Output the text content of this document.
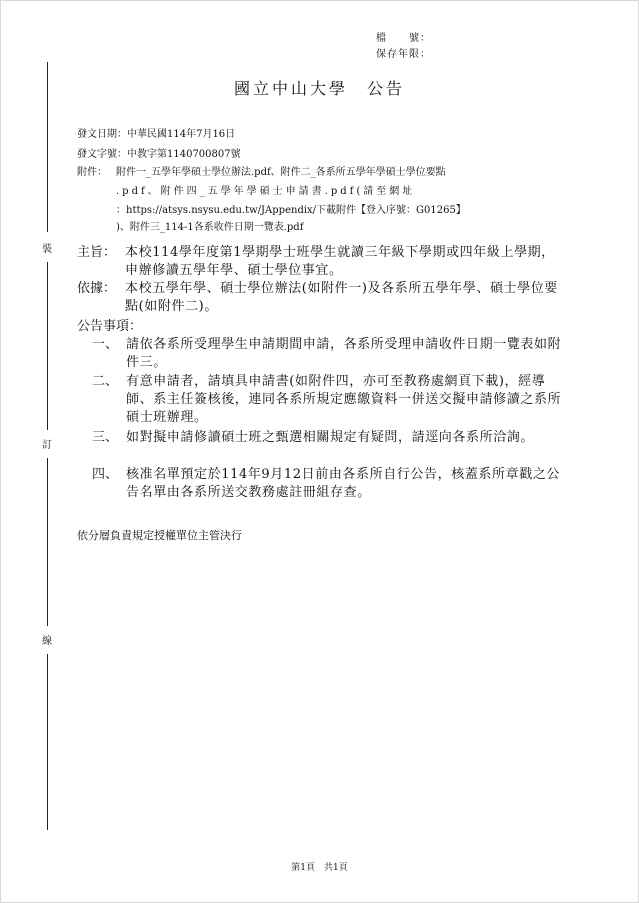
檔　　號：
保存年限：
裝
訂
線
國立中山大學　公告
發文日期：中華民國114年7月16日
發文字號：中教字第1140700807號
附件： 附件一_五學年學碩士學位辦法.pdf、附件二_各系所五學年學碩士學位要點
.pdf、附件四_五學年學碩士申請書.pdf(請至網址
：https://atsys.nsysu.edu.tw/JAppendix/下載附件【登入序號：G01265】
)、附件三_114-1各系收件日期一覽表.pdf
主旨： 本校114學年度第1學期學士班學生就讀三年級下學期或四年級上學期，申辦修讀五學年學、碩士學位事宜。
依據： 本校五學年學、碩士學位辦法(如附件一)及各系所五學年學、碩士學位要點(如附件二)。
公告事項：
一、 請依各系所受理學生申請期間申請，各系所受理申請收件日期一覽表如附件三。
二、 有意申請者，請填具申請書(如附件四，亦可至教務處網頁下載)，經導師、系主任簽核後，連同各系所規定應繳資料一併送交擬申請修讀之系所碩士班辦理。
三、 如對擬申請修讀碩士班之甄選相關規定有疑問，請逕向各系所洽詢。
四、 核准名單預定於114年9月12日前由各系所自行公告，核蓋系所章戳之公告名單由各系所送交教務處註冊組存查。
依分層負責規定授權單位主管決行
第1頁　共1頁
